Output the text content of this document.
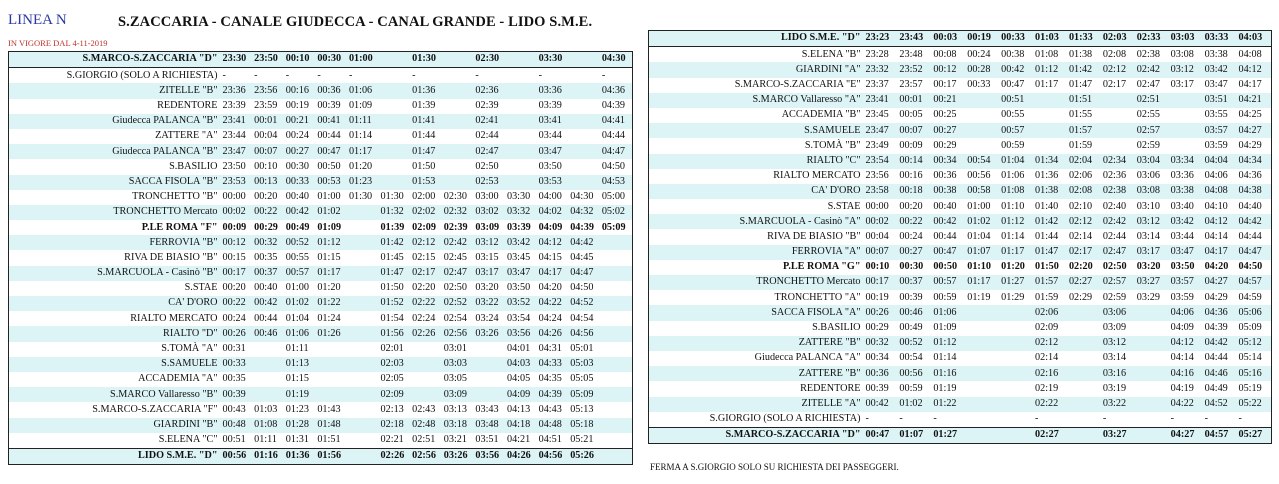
LINEA N	S.ZACCARIA - CANALE GIUDECCA - CANAL GRANDE - LIDO S.M.E.
IN VIGORE DAL 4-11-2019
S.MARCO-S.ZACCARIA "D"	23:30	23:50	00:10	00:30	01:00		01:30		02:30		03:30		04:30
S.GIORGIO (SOLO A RICHIESTA)	-	-	-	-	-		-		-		-		-
ZITELLE "B"	23:36	23:56	00:16	00:36	01:06		01:36		02:36		03:36		04:36
REDENTORE	23:39	23:59	00:19	00:39	01:09		01:39		02:39		03:39		04:39
Giudecca PALANCA "B"	23:41	00:01	00:21	00:41	01:11		01:41		02:41		03:41		04:41
ZATTERE "A"	23:44	00:04	00:24	00:44	01:14		01:44		02:44		03:44		04:44
Giudecca PALANCA "B"	23:47	00:07	00:27	00:47	01:17		01:47		02:47		03:47		04:47
S.BASILIO	23:50	00:10	00:30	00:50	01:20		01:50		02:50		03:50		04:50
SACCA FISOLA "B"	23:53	00:13	00:33	00:53	01:23		01:53		02:53		03:53		04:53
TRONCHETTO "B"	00:00	00:20	00:40	01:00	01:30	01:30	02:00	02:30	03:00	03:30	04:00	04:30	05:00
TRONCHETTO Mercato	00:02	00:22	00:42	01:02		01:32	02:02	02:32	03:02	03:32	04:02	04:32	05:02
P.LE ROMA "F"	00:09	00:29	00:49	01:09		01:39	02:09	02:39	03:09	03:39	04:09	04:39	05:09
FERROVIA "B"	00:12	00:32	00:52	01:12		01:42	02:12	02:42	03:12	03:42	04:12	04:42	
RIVA DE BIASIO "B"	00:15	00:35	00:55	01:15		01:45	02:15	02:45	03:15	03:45	04:15	04:45	
S.MARCUOLA - Casinò "B"	00:17	00:37	00:57	01:17		01:47	02:17	02:47	03:17	03:47	04:17	04:47	
S.STAE	00:20	00:40	01:00	01:20		01:50	02:20	02:50	03:20	03:50	04:20	04:50	
CA' D'ORO	00:22	00:42	01:02	01:22		01:52	02:22	02:52	03:22	03:52	04:22	04:52	
RIALTO MERCATO	00:24	00:44	01:04	01:24		01:54	02:24	02:54	03:24	03:54	04:24	04:54	
RIALTO "D"	00:26	00:46	01:06	01:26		01:56	02:26	02:56	03:26	03:56	04:26	04:56	
S.TOMÀ "A"	00:31		01:11			02:01		03:01		04:01	04:31	05:01	
S.SAMUELE	00:33		01:13			02:03		03:03		04:03	04:33	05:03	
ACCADEMIA "A"	00:35		01:15			02:05		03:05		04:05	04:35	05:05	
S.MARCO Vallaresso "B"	00:39		01:19			02:09		03:09		04:09	04:39	05:09	
S.MARCO-S.ZACCARIA "F"	00:43	01:03	01:23	01:43		02:13	02:43	03:13	03:43	04:13	04:43	05:13	
GIARDINI "B"	00:48	01:08	01:28	01:48		02:18	02:48	03:18	03:48	04:18	04:48	05:18	
S.ELENA "C"	00:51	01:11	01:31	01:51		02:21	02:51	03:21	03:51	04:21	04:51	05:21	
LIDO S.M.E. "D"	00:56	01:16	01:36	01:56		02:26	02:56	03:26	03:56	04:26	04:56	05:26	
LIDO S.M.E. "D"	23:23	23:43	00:03	00:19	00:33	01:03	01:33	02:03	02:33	03:03	03:33	04:03
S.ELENA "B"	23:28	23:48	00:08	00:24	00:38	01:08	01:38	02:08	02:38	03:08	03:38	04:08
GIARDINI "A"	23:32	23:52	00:12	00:28	00:42	01:12	01:42	02:12	02:42	03:12	03:42	04:12
S.MARCO-S.ZACCARIA "E"	23:37	23:57	00:17	00:33	00:47	01:17	01:47	02:17	02:47	03:17	03:47	04:17
S.MARCO Vallaresso "A"	23:41	00:01	00:21		00:51		01:51		02:51		03:51	04:21
ACCADEMIA "B"	23:45	00:05	00:25		00:55		01:55		02:55		03:55	04:25
S.SAMUELE	23:47	00:07	00:27		00:57		01:57		02:57		03:57	04:27
S.TOMÀ "B"	23:49	00:09	00:29		00:59		01:59		02:59		03:59	04:29
RIALTO "C"	23:54	00:14	00:34	00:54	01:04	01:34	02:04	02:34	03:04	03:34	04:04	04:34
RIALTO MERCATO	23:56	00:16	00:36	00:56	01:06	01:36	02:06	02:36	03:06	03:36	04:06	04:36
CA' D'ORO	23:58	00:18	00:38	00:58	01:08	01:38	02:08	02:38	03:08	03:38	04:08	04:38
S.STAE	00:00	00:20	00:40	01:00	01:10	01:40	02:10	02:40	03:10	03:40	04:10	04:40
S.MARCUOLA - Casinò "A"	00:02	00:22	00:42	01:02	01:12	01:42	02:12	02:42	03:12	03:42	04:12	04:42
RIVA DE BIASIO "B"	00:04	00:24	00:44	01:04	01:14	01:44	02:14	02:44	03:14	03:44	04:14	04:44
FERROVIA "A"	00:07	00:27	00:47	01:07	01:17	01:47	02:17	02:47	03:17	03:47	04:17	04:47
P.LE ROMA "G"	00:10	00:30	00:50	01:10	01:20	01:50	02:20	02:50	03:20	03:50	04:20	04:50
TRONCHETTO Mercato	00:17	00:37	00:57	01:17	01:27	01:57	02:27	02:57	03:27	03:57	04:27	04:57
TRONCHETTO "A"	00:19	00:39	00:59	01:19	01:29	01:59	02:29	02:59	03:29	03:59	04:29	04:59
SACCA FISOLA "A"	00:26	00:46	01:06			02:06		03:06		04:06	04:36	05:06
S.BASILIO	00:29	00:49	01:09			02:09		03:09		04:09	04:39	05:09
ZATTERE "B"	00:32	00:52	01:12			02:12		03:12		04:12	04:42	05:12
Giudecca PALANCA "A"	00:34	00:54	01:14			02:14		03:14		04:14	04:44	05:14
ZATTERE "B"	00:36	00:56	01:16			02:16		03:16		04:16	04:46	05:16
REDENTORE	00:39	00:59	01:19			02:19		03:19		04:19	04:49	05:19
ZITELLE "A"	00:42	01:02	01:22			02:22		03:22		04:22	04:52	05:22
S.GIORGIO (SOLO A RICHIESTA)	-	-	-			-		-		-	-	-
S.MARCO-S.ZACCARIA "D"	00:47	01:07	01:27			02:27		03:27		04:27	04:57	05:27
FERMA A S.GIORGIO SOLO SU RICHIESTA DEI PASSEGGERI.
